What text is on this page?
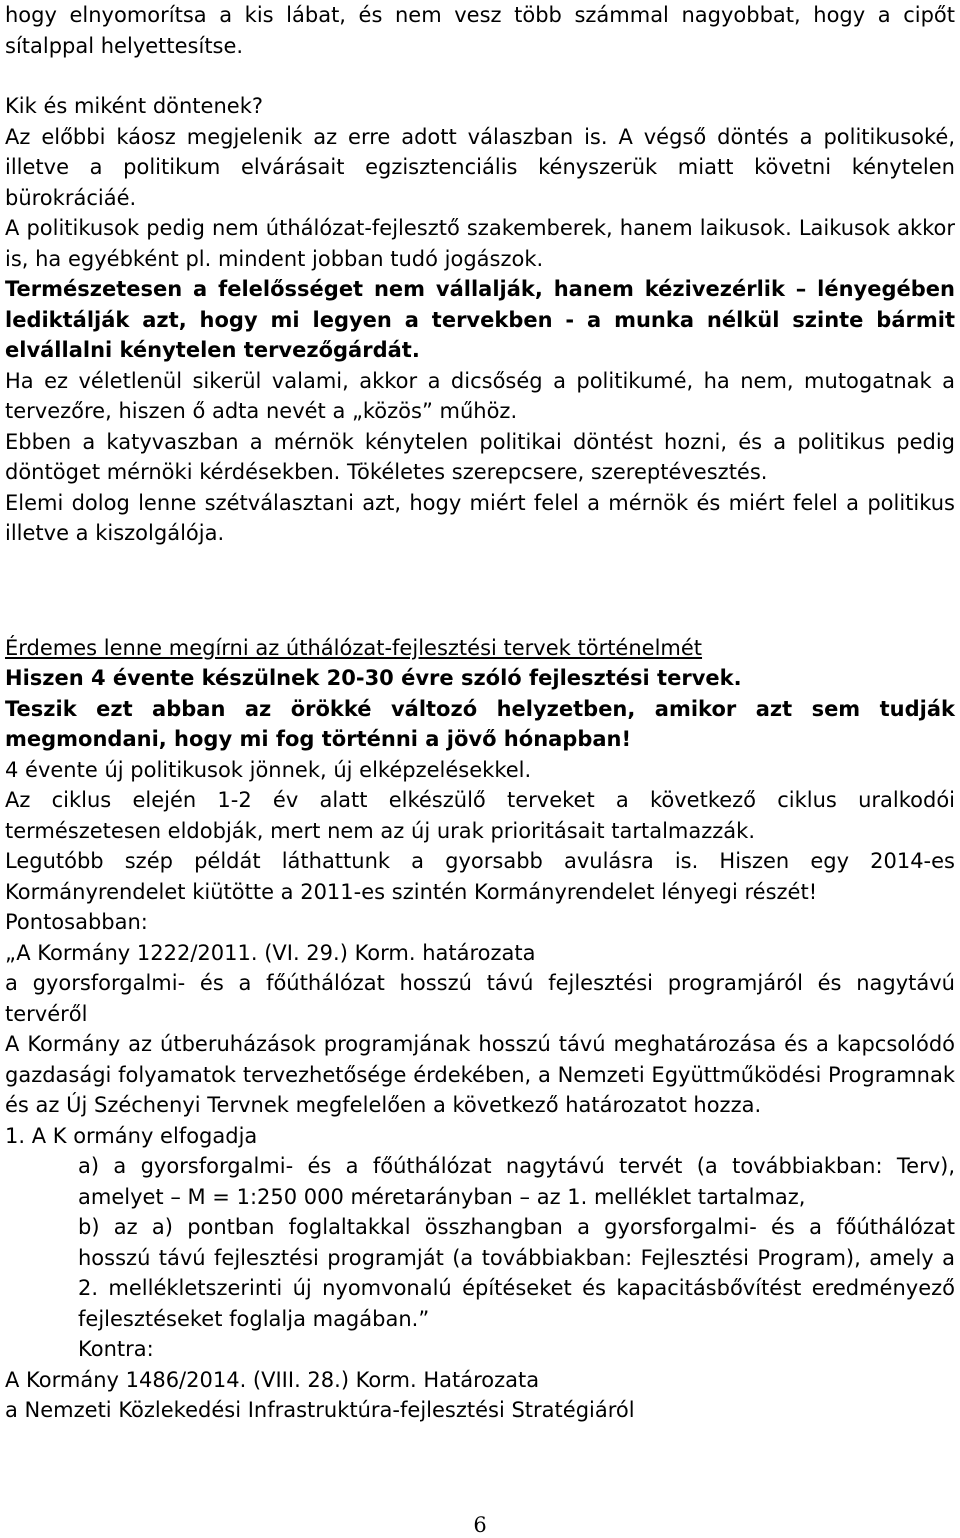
hogy elnyomorítsa a kis lábat, és nem vesz több számmal nagyobbat, hogy a cipőt sítalppal helyettesítse.

Kik és miként döntenek?

Az előbbi káosz megjelenik az erre adott válaszban is. A végső döntés a politikusoké, illetve a politikum elvárásait egzisztenciális kényszerük miatt követni kénytelen bürokráciáé.

A politikusok pedig nem úthálózat-fejlesztő szakemberek, hanem laikusok. Laikusok akkor is, ha egyébként pl. mindent jobban tudó jogászok.

Természetesen a felelősséget nem vállalják, hanem kézivezérlik – lényegében lediktálják azt, hogy mi legyen a tervekben - a munka nélkül szinte bármit elvállalni kénytelen tervezőgárdát.

Ha ez véletlenül sikerül valami, akkor a dicsőség a politikumé, ha nem, mutogatnak a tervezőre, hiszen ő adta nevét a „közös” műhöz.

Ebben a katyvaszban a mérnök kénytelen politikai döntést hozni, és a politikus pedig döntöget mérnöki kérdésekben. Tökéletes szerepcsere, szereptévesztés.

Elemi dolog lenne szétválasztani azt, hogy miért felel a mérnök és miért felel a politikus illetve a kiszolgálója.

Érdemes lenne megírni az úthálózat-fejlesztési tervek történelmét

Hiszen 4 évente készülnek 20-30 évre szóló fejlesztési tervek.

Teszik ezt abban az örökké változó helyzetben, amikor azt sem tudják megmondani, hogy mi fog történni a jövő hónapban!

4 évente új politikusok jönnek, új elképzelésekkel.

Az ciklus elején 1-2 év alatt elkészülő terveket a következő ciklus uralkodói természetesen eldobják, mert nem az új urak prioritásait tartalmazzák.

Legutóbb szép példát láthattunk a gyorsabb avulásra is. Hiszen egy 2014-es Kormányrendelet kiütötte a 2011-es szintén Kormányrendelet lényegi részét!

Pontosabban:

„A Kormány 1222/2011. (VI. 29.) Korm. határozata

a gyorsforgalmi- és a főúthálózat hosszú távú fejlesztési programjáról és nagytávú tervéről

A Kormány az útberuházások programjának hosszú távú meghatározása és a kapcsolódó gazdasági folyamatok tervezhetősége érdekében, a Nemzeti Együttműködési Programnak és az Új Széchenyi Tervnek megfelelően a következő határozatot hozza.

1. A K ormány elfogadja

a) a gyorsforgalmi- és a főúthálózat nagytávú tervét (a továbbiakban: Terv), amelyet – M = 1:250 000 méretarányban – az 1. melléklet tartalmaz,

b) az a) pontban foglaltakkal összhangban a gyorsforgalmi- és a főúthálózat hosszú távú fejlesztési programját (a továbbiakban: Fejlesztési Program), amely a 2. mellékletszerinti új nyomvonalú építéseket és kapacitásbővítést eredményező fejlesztéseket foglalja magában.”

Kontra:

A Kormány 1486/2014. (VIII. 28.) Korm. Határozata

a Nemzeti Közlekedési Infrastruktúra-fejlesztési Stratégiáról

6
